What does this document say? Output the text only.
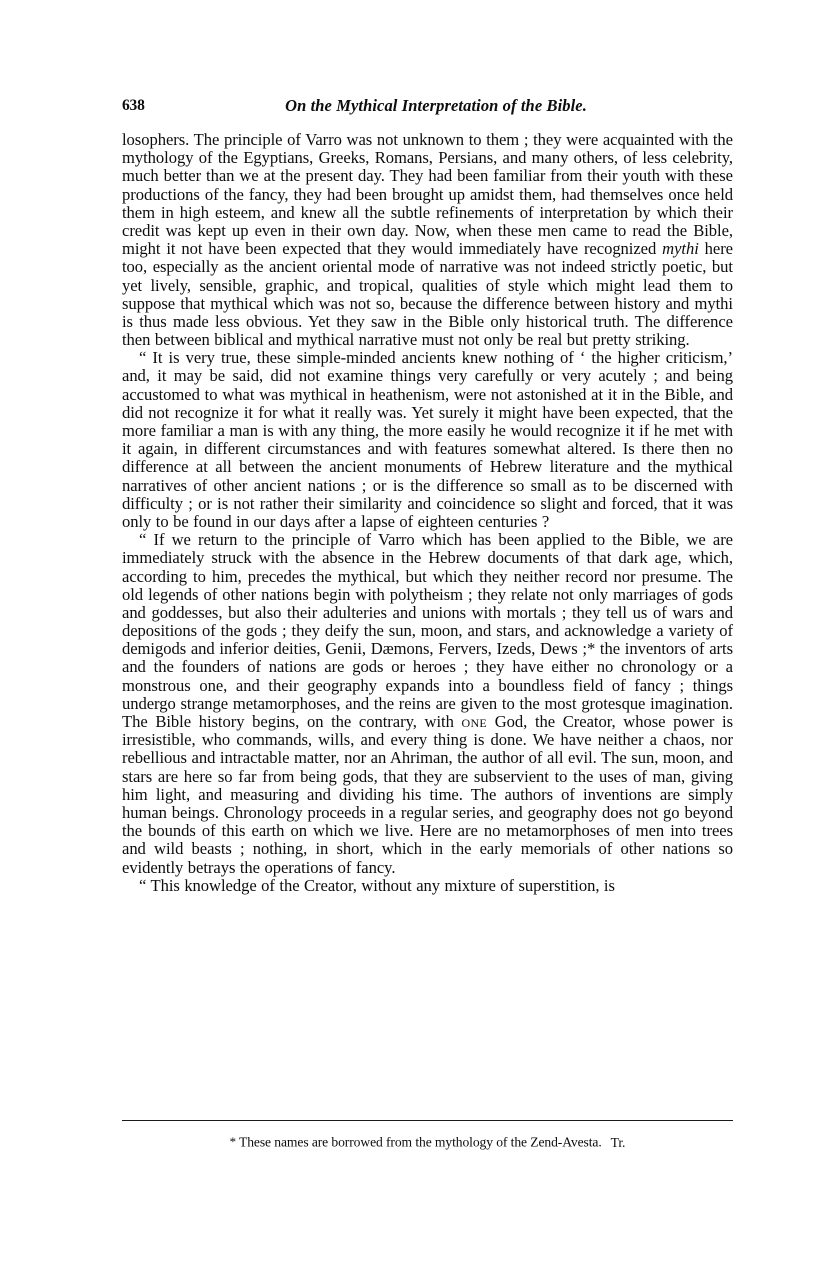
638	On the Mythical Interpretation of the Bible.

losophers. The principle of Varro was not unknown to them ; they were acquainted with the mythology of the Egyptians, Greeks, Romans, Persians, and many others, of less celebrity, much better than we at the present day. They had been familiar from their youth with these productions of the fancy, they had been brought up amidst them, had themselves once held them in high esteem, and knew all the subtle refinements of interpretation by which their credit was kept up even in their own day. Now, when these men came to read the Bible, might it not have been expected that they would immediately have recognized mythi here too, especially as the ancient oriental mode of narrative was not indeed strictly poetic, but yet lively, sensible, graphic, and tropical, qualities of style which might lead them to suppose that mythical which was not so, because the difference between history and mythi is thus made less obvious. Yet they saw in the Bible only historical truth. The difference then between biblical and mythical narrative must not only be real but pretty striking.

“ It is very true, these simple-minded ancients knew nothing of ‘ the higher criticism,’ and, it may be said, did not examine things very carefully or very acutely ; and being accustomed to what was mythical in heathenism, were not astonished at it in the Bible, and did not recognize it for what it really was. Yet surely it might have been expected, that the more familiar a man is with any thing, the more easily he would recognize it if he met with it again, in different circumstances and with features somewhat altered. Is there then no difference at all between the ancient monuments of Hebrew literature and the mythical narratives of other ancient nations ; or is the difference so small as to be discerned with difficulty ; or is not rather their similarity and coincidence so slight and forced, that it was only to be found in our days after a lapse of eighteen centuries ?

“ If we return to the principle of Varro which has been applied to the Bible, we are immediately struck with the absence in the Hebrew documents of that dark age, which, according to him, precedes the mythical, but which they neither record nor presume. The old legends of other nations begin with polytheism ; they relate not only marriages of gods and goddesses, but also their adulteries and unions with mortals ; they tell us of wars and depositions of the gods ; they deify the sun, moon, and stars, and acknowledge a variety of demigods and inferior deities, Genii, Dæmons, Fervers, Izeds, Dews ;* the inventors of arts and the founders of nations are gods or heroes ; they have either no chronology or a monstrous one, and their geography expands into a boundless field of fancy ; things undergo strange metamorphoses, and the reins are given to the most grotesque imagination. The Bible history begins, on the contrary, with one God, the Creator, whose power is irresistible, who commands, wills, and every thing is done. We have neither a chaos, nor rebellious and intractable matter, nor an Ahriman, the author of all evil. The sun, moon, and stars are here so far from being gods, that they are subservient to the uses of man, giving him light, and measuring and dividing his time. The authors of inventions are simply human beings. Chronology proceeds in a regular series, and geography does not go beyond the bounds of this earth on which we live. Here are no metamorphoses of men into trees and wild beasts ; nothing, in short, which in the early memorials of other nations so evidently betrays the operations of fancy.

“ This knowledge of the Creator, without any mixture of superstition, is

* These names are borrowed from the mythology of the Zend-Avesta. Tr.
